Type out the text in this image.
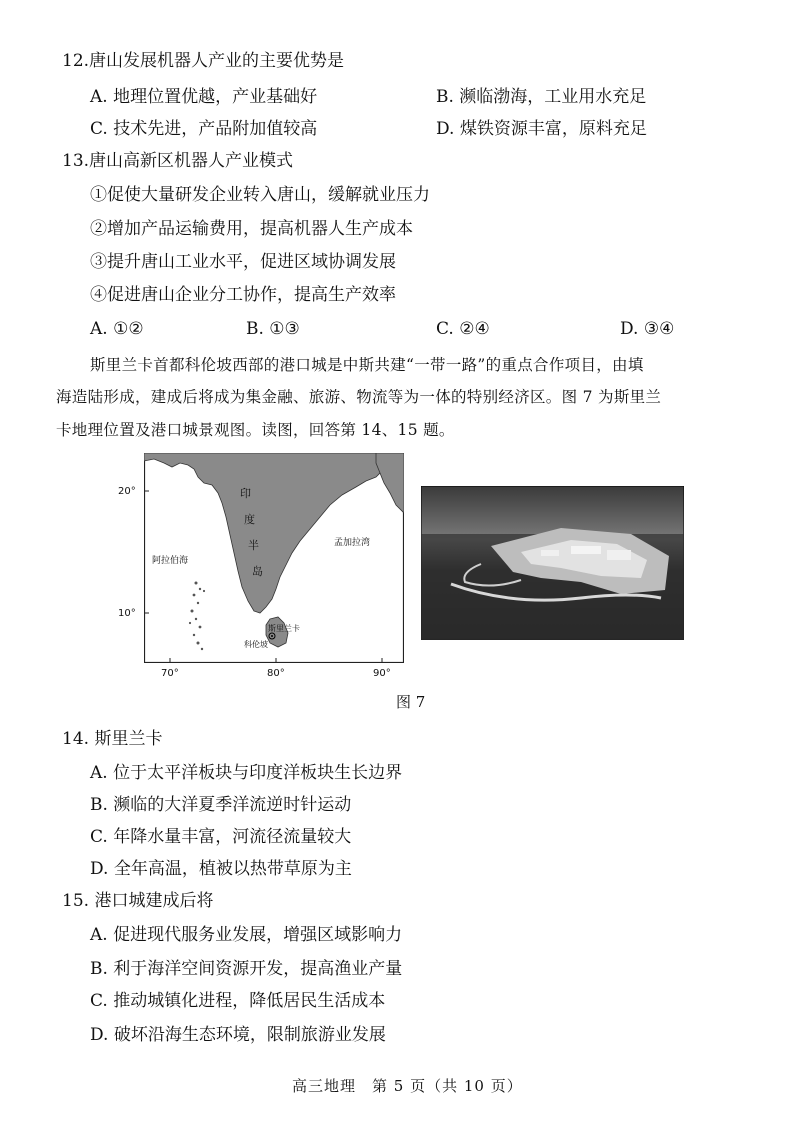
12.唐山发展机器人产业的主要优势是
A. 地理位置优越，产业基础好	B. 濒临渤海，工业用水充足
C. 技术先进，产品附加值较高	D. 煤铁资源丰富，原料充足
13.唐山高新区机器人产业模式
①促使大量研发企业转入唐山，缓解就业压力
②增加产品运输费用，提高机器人生产成本
③提升唐山工业水平，促进区域协调发展
④促进唐山企业分工协作，提高生产效率
A. ①②	B. ①③	C. ②④	D. ③④
斯里兰卡首都科伦坡西部的港口城是中斯共建“一带一路”的重点合作项目，由填
海造陆形成，建成后将成为集金融、旅游、物流等为一体的特别经济区。图 7 为斯里兰
卡地理位置及港口城景观图。读图，回答第 14、15 题。
印
度
半
岛
阿拉伯海
孟加拉湾
斯里兰卡
科伦坡
20°
10°
70°	80°	90°
图 7
14. 斯里兰卡
A. 位于太平洋板块与印度洋板块生长边界
B. 濒临的大洋夏季洋流逆时针运动
C. 年降水量丰富，河流径流量较大
D. 全年高温，植被以热带草原为主
15. 港口城建成后将
A. 促进现代服务业发展，增强区域影响力
B. 利于海洋空间资源开发，提高渔业产量
C. 推动城镇化进程，降低居民生活成本
D. 破坏沿海生态环境，限制旅游业发展
高三地理　第 5 页（共 10 页）
